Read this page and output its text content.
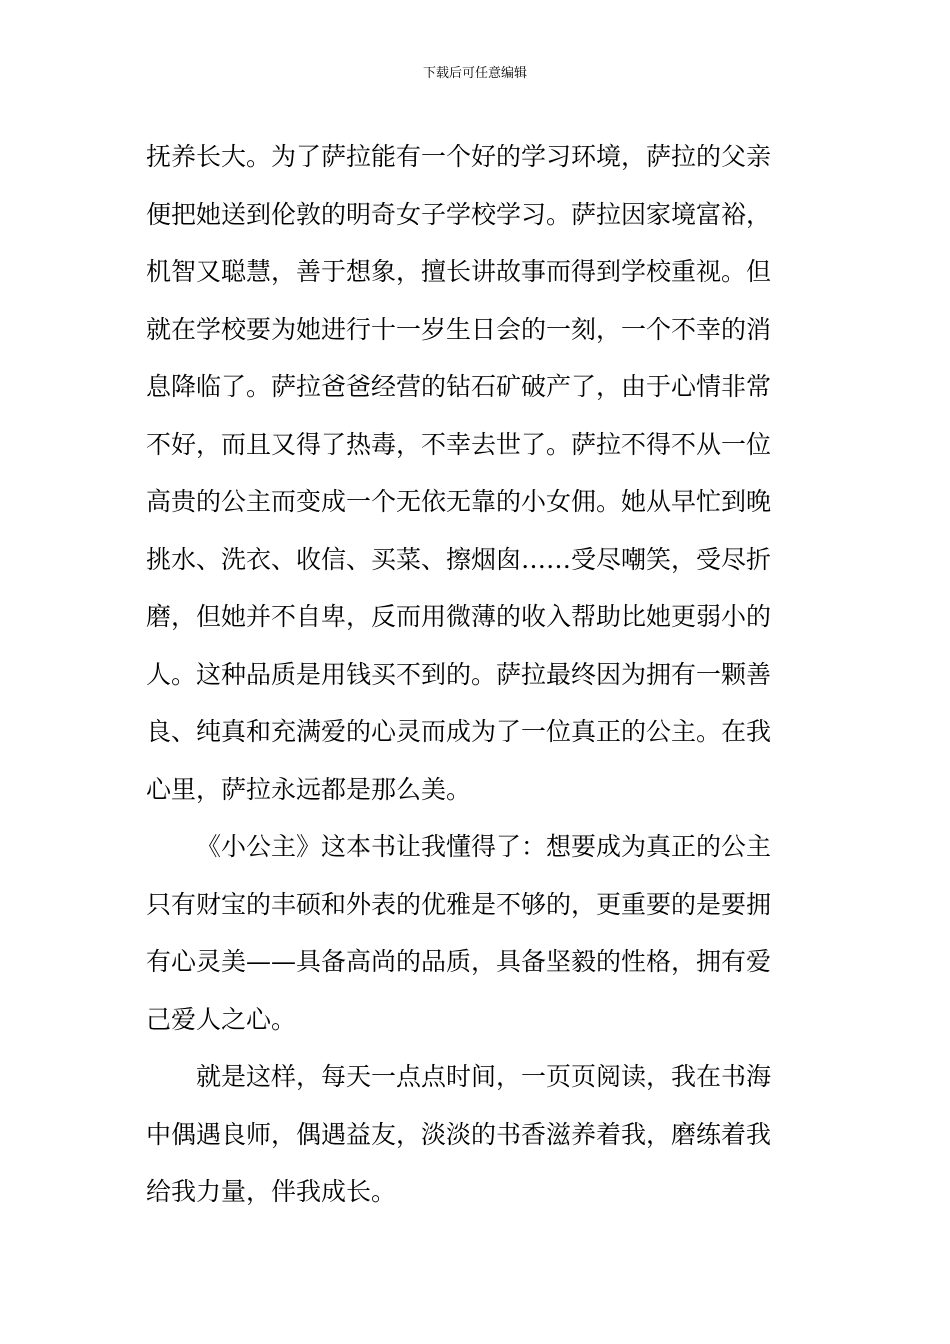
下载后可任意编辑
抚养长大。为了萨拉能有一个好的学习环境，萨拉的父亲
便把她送到伦敦的明奇女子学校学习。萨拉因家境富裕，
机智又聪慧，善于想象，擅长讲故事而得到学校重视。但
就在学校要为她进行十一岁生日会的一刻，一个不幸的消
息降临了。萨拉爸爸经营的钻石矿破产了，由于心情非常
不好，而且又得了热毒，不幸去世了。萨拉不得不从一位
高贵的公主而变成一个无依无靠的小女佣。她从早忙到晚
挑水、洗衣、收信、买菜、擦烟囱……受尽嘲笑，受尽折
磨，但她并不自卑，反而用微薄的收入帮助比她更弱小的
人。这种品质是用钱买不到的。萨拉最终因为拥有一颗善
良、纯真和充满爱的心灵而成为了一位真正的公主。在我
心里，萨拉永远都是那么美。
《小公主》这本书让我懂得了：想要成为真正的公主
只有财宝的丰硕和外表的优雅是不够的，更重要的是要拥
有心灵美——具备高尚的品质，具备坚毅的性格，拥有爱
己爱人之心。
就是这样，每天一点点时间，一页页阅读，我在书海
中偶遇良师，偶遇益友，淡淡的书香滋养着我，磨练着我
给我力量，伴我成长。
